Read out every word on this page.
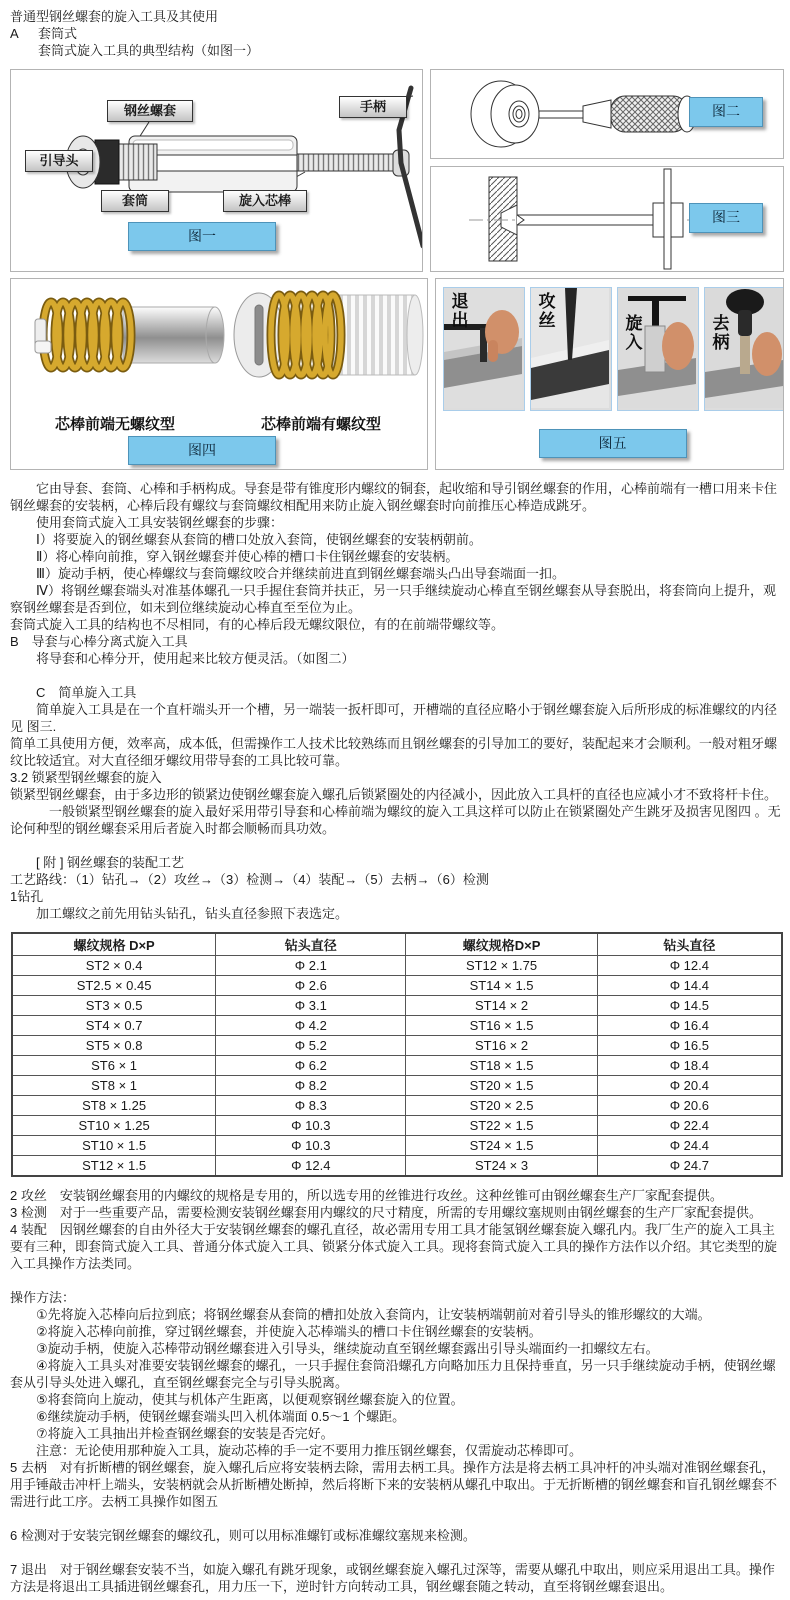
普通型钢丝螺套的旋入工具及其使用

A 套筒式

套筒式旋入工具的典型结构（如图一）

钢丝螺套	手柄
引导头
套筒	旋入芯棒
图一
图二
图三
芯棒前端无螺纹型	芯棒前端有螺纹型
图四
退出	攻丝
旋入	去柄
图五

它由导套、套筒、心棒和手柄构成。导套是带有锥度形内螺纹的铜套，起收缩和导引钢丝螺套的作用，心棒前端有一槽口用来卡住钢丝螺套的安装柄，心棒后段有螺纹与套筒螺纹相配用来防止旋入钢丝螺套时向前推压心棒造成跳牙。

使用套筒式旋入工具安装钢丝螺套的步骤：

Ⅰ）将要旋入的钢丝螺套从套筒的槽口处放入套筒，使钢丝螺套的安装柄朝前。

Ⅱ）将心棒向前推，穿入钢丝螺套并使心棒的槽口卡住钢丝螺套的安装柄。

Ⅲ）旋动手柄，使心棒螺纹与套筒螺纹咬合并继续前进直到钢丝螺套端头凸出导套端面一扣。

Ⅳ）将钢丝螺套端头对准基体螺孔一只手握住套筒并扶正，另一只手继续旋动心棒直至钢丝螺套从导套脱出，将套筒向上提升，观察钢丝螺套是否到位，如未到位继续旋动心棒直至至位为止。

套筒式旋入工具的结构也不尽相同，有的心棒后段无螺纹限位，有的在前端带螺纹等。

B　导套与心棒分离式旋入工具

将导套和心棒分开，使用起来比较方便灵活。（如图二）

C　简单旋入工具

简单旋入工具是在一个直杆端头开一个槽，另一端装一扳杆即可，开槽端的直径应略小于钢丝螺套旋入后所形成的标准螺纹的内径见 图三.

简单工具使用方便，效率高，成本低，但需操作工人技术比较熟练而且钢丝螺套的引导加工的要好，装配起来才会顺利。一般对粗牙螺纹比较适宜。对大直径细牙螺纹用带导套的工具比较可靠。

3.2 锁紧型钢丝螺套的旋入

锁紧型钢丝螺套，由于多边形的锁紧边使钢丝螺套旋入螺孔后锁紧圈处的内径减小，因此放入工具杆的直径也应减小才不致将杆卡住。

一般锁紧型钢丝螺套的旋入最好采用带引导套和心棒前端为螺纹的旋入工具这样可以防止在锁紧圈处产生跳牙及损害见图四 。无论何种型的钢丝螺套采用后者旋入时都会顺畅而具功效。

[ 附 ] 钢丝螺套的装配工艺

工艺路线：（1）钻孔→（2）攻丝→（3）检测→（4）装配→（5）去柄→（6）检测

1钻孔

加工螺纹之前先用钻头钻孔，钻头直径参照下表选定。

螺纹规格 D×P	钻头直径	螺纹规格D×P	钻头直径
ST2 × 0.4	Φ 2.1	ST12 × 1.75	Φ 12.4
ST2.5 × 0.45	Φ 2.6	ST14 × 1.5	Φ 14.4
ST3 × 0.5	Φ 3.1	ST14 × 2	Φ 14.5
ST4 × 0.7	Φ 4.2	ST16 × 1.5	Φ 16.4
ST5 × 0.8	Φ 5.2	ST16 × 2	Φ 16.5
ST6 × 1	Φ 6.2	ST18 × 1.5	Φ 18.4
ST8 × 1	Φ 8.2	ST20 × 1.5	Φ 20.4
ST8 × 1.25	Φ 8.3	ST20 × 2.5	Φ 20.6
ST10 × 1.25	Φ 10.3	ST22 × 1.5	Φ 22.4
ST10 × 1.5	Φ 10.3	ST24 × 1.5	Φ 24.4
ST12 × 1.5	Φ 12.4	ST24 × 3	Φ 24.7

2 攻丝　安装钢丝螺套用的内螺纹的规格是专用的，所以选专用的丝锥进行攻丝。这种丝锥可由钢丝螺套生产厂家配套提供。

3 检测　对于一些重要产品，需要检测安装钢丝螺套用内螺纹的尺寸精度，所需的专用螺纹塞规则由钢丝螺套的生产厂家配套提供。

4 装配　因钢丝螺套的自由外径大于安装钢丝螺套的螺孔直径，故必需用专用工具才能氢钢丝螺套旋入螺孔内。我厂生产的旋入工具主要有三种，即套筒式旋入工具、普通分体式旋入工具、锁紧分体式旋入工具。现将套筒式旋入工具的操作方法作以介绍。其它类型的旋入工具操作方法类同。

操作方法：

①先将旋入芯棒向后拉到底；将钢丝螺套从套筒的槽扣处放入套筒内，让安装柄端朝前对着引导头的锥形螺纹的大端。

②将旋入芯棒向前推，穿过钢丝螺套，并使旋入芯棒端头的槽口卡住钢丝螺套的安装柄。

③旋动手柄，使旋入芯棒带动钢丝螺套进入引导头，继续旋动直至钢丝螺套露出引导头端面约一扣螺纹左右。

④将旋入工具头对准要安装钢丝螺套的螺孔，一只手握住套筒沿螺孔方向略加压力且保持垂直，另一只手继续旋动手柄，使钢丝螺套从引导头处进入螺孔，直至钢丝螺套完全与引导头脱离。

⑤将套筒向上旋动，使其与机体产生距离，以便观察钢丝螺套旋入的位置。

⑥继续旋动手柄，使钢丝螺套端头凹入机体端面 0.5～1 个螺距。

⑦将旋入工具抽出并检查钢丝螺套的安装是否完好。

注意：无论使用那种旋入工具，旋动芯棒的手一定不要用力推压钢丝螺套，仅需旋动芯棒即可。

5 去柄　对有折断槽的钢丝螺套，旋入螺孔后应将安装柄去除，需用去柄工具。操作方法是将去柄工具冲杆的冲头端对准钢丝螺套孔，用手锤敲击冲杆上端头，安装柄就会从折断槽处断掉，然后将断下来的安装柄从螺孔中取出。于无折断槽的钢丝螺套和盲孔钢丝螺套不需进行此工序。去柄工具操作如图五

6 检测对于安装完钢丝螺套的螺纹孔，则可以用标准螺钉或标准螺纹塞规来检测。

7 退出　对于钢丝螺套安装不当，如旋入螺孔有跳牙现象，或钢丝螺套旋入螺孔过深等，需要从螺孔中取出，则应采用退出工具。操作方法是将退出工具插进钢丝螺套孔，用力压一下，逆时针方向转动工具，钢丝螺套随之转动，直至将钢丝螺套退出。
